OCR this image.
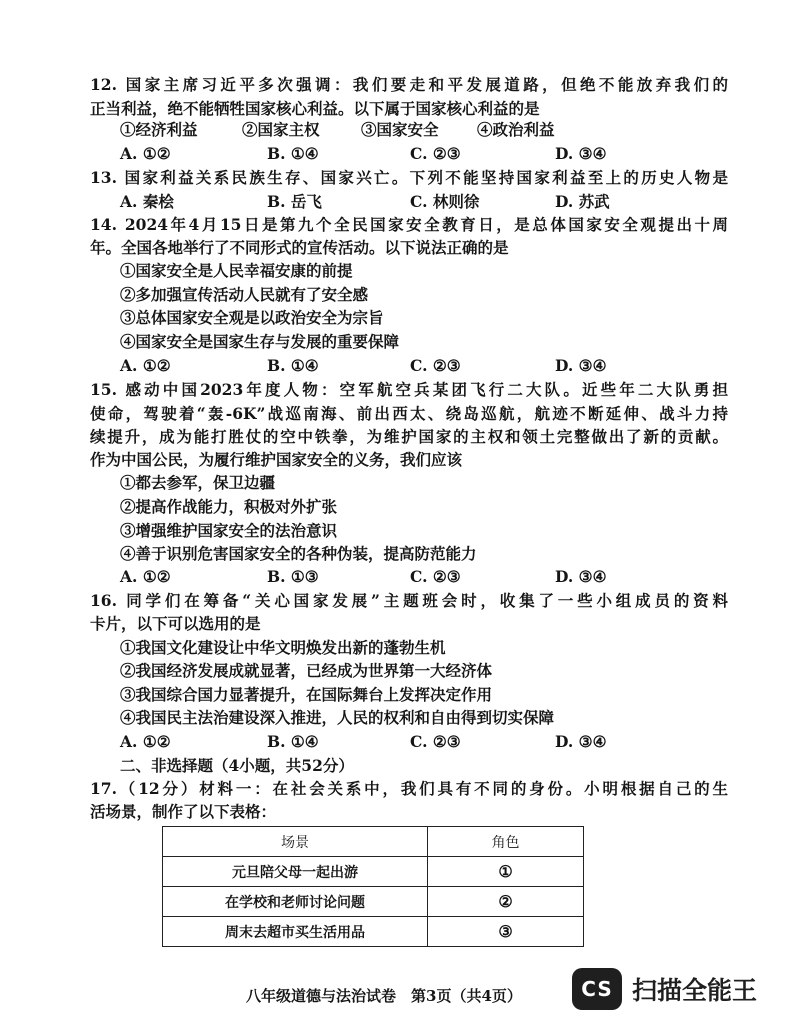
12. 国家主席习近平多次强调：我们要走和平发展道路，但绝不能放弃我们的
正当利益，绝不能牺牲国家核心利益。以下属于国家核心利益的是
①经济利益	②国家主权	③国家安全 ④政治利益
A. ①②	B. ①④	C. ②③	D. ③④
13. 国家利益关系民族生存、国家兴亡。下列不能坚持国家利益至上的历史人物是
A. 秦桧	B. 岳飞	C. 林则徐	D. 苏武
14. 2024年4月15日是第九个全民国家安全教育日，是总体国家安全观提出十周
年。全国各地举行了不同形式的宣传活动。以下说法正确的是
①国家安全是人民幸福安康的前提
②多加强宣传活动人民就有了安全感
③总体国家安全观是以政治安全为宗旨
④国家安全是国家生存与发展的重要保障
A. ①②	B. ①④	C. ②③	D. ③④
15. 感动中国2023年度人物：空军航空兵某团飞行二大队。近些年二大队勇担
使命，驾驶着“轰-6K”战巡南海、前出西太、绕岛巡航，航迹不断延伸、战斗力持
续提升，成为能打胜仗的空中铁拳，为维护国家的主权和领土完整做出了新的贡献。
作为中国公民，为履行维护国家安全的义务，我们应该
①都去参军，保卫边疆
②提高作战能力，积极对外扩张
③增强维护国家安全的法治意识
④善于识别危害国家安全的各种伪装，提高防范能力
A. ①②	B. ①③	C. ②③	D. ③④
16. 同学们在筹备“关心国家发展”主题班会时，收集了一些小组成员的资料
卡片，以下可以选用的是
①我国文化建设让中华文明焕发出新的蓬勃生机
②我国经济发展成就显著，已经成为世界第一大经济体
③我国综合国力显著提升，在国际舞台上发挥决定作用
④我国民主法治建设深入推进，人民的权利和自由得到切实保障
A. ①②	B. ①④	C. ②③	D. ③④
二、非选择题（4小题，共52分）
17.（12分）材料一：在社会关系中，我们具有不同的身份。小明根据自己的生
活场景，制作了以下表格：
场景	角色
元旦陪父母一起出游	①
在学校和老师讨论问题	②
周末去超市买生活用品	③
八年级道德与法治试卷　第3页（共4页）	CS 扫描全能王
